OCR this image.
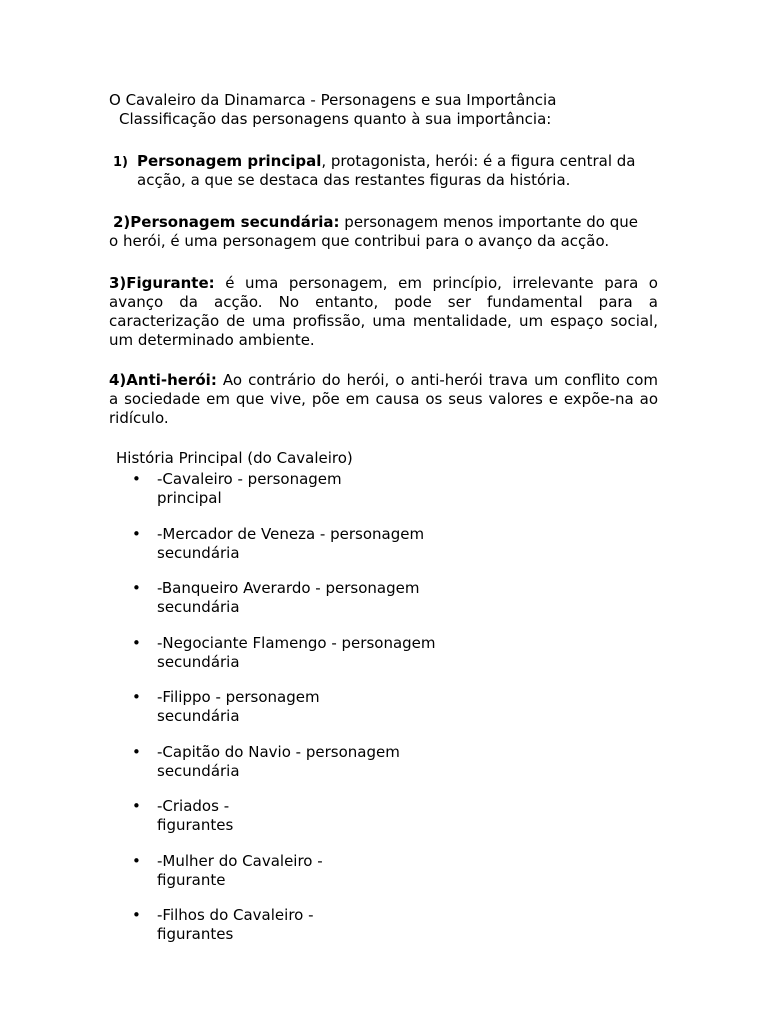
O Cavaleiro da Dinamarca - Personagens e sua Importância
Classificação das personagens quanto à sua importância:
1) Personagem principal, protagonista, herói: é a figura central da
acção, a que se destaca das restantes figuras da história.
2)Personagem secundária: personagem menos importante do que
o herói, é uma personagem que contribui para o avanço da acção.
3)Figurante: é uma personagem, em princípio, irrelevante para o avanço da acção. No entanto, pode ser fundamental para a caracterização de uma profissão, uma mentalidade, um espaço social, um determinado ambiente.
4)Anti-herói: Ao contrário do herói, o anti-herói trava um conflito com a sociedade em que vive, põe em causa os seus valores e expõe-na ao ridículo.
História Principal (do Cavaleiro)
• -Cavaleiro - personagem
principal
• -Mercador de Veneza - personagem
secundária
• -Banqueiro Averardo - personagem
secundária
• -Negociante Flamengo - personagem
secundária
• -Filippo - personagem
secundária
• -Capitão do Navio - personagem
secundária
• -Criados -
figurantes
• -Mulher do Cavaleiro -
figurante
• -Filhos do Cavaleiro -
figurantes
